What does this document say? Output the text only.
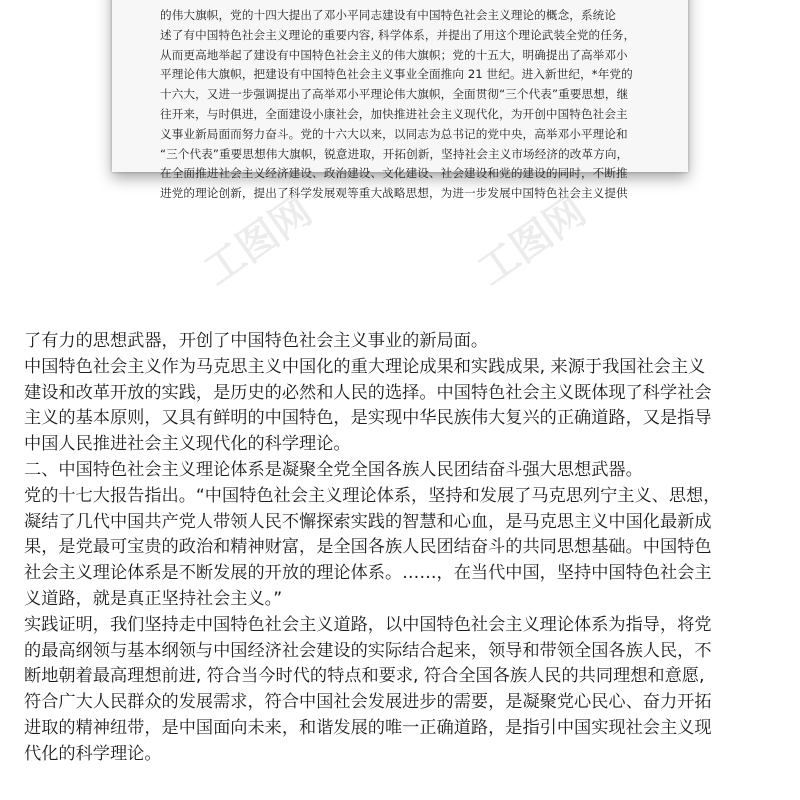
的伟大旗帜，党的十四大提出了邓小平同志建设有中国特色社会主义理论的概念，系统论
述了有中国特色社会主义理论的重要内容, 科学体系，并提出了用这个理论武装全党的任务，
从而更高地举起了建设有中国特色社会主义的伟大旗帜；党的十五大，明确提出了高举邓小
平理论伟大旗帜，把建设有中国特色社会主义事业全面推向 21 世纪。进入新世纪，*年党的
十六大，又进一步强调提出了高举邓小平理论伟大旗帜，全面贯彻“三个代表”重要思想，继
往开来，与时俱进，全面建设小康社会，加快推进社会主义现代化，为开创中国特色社会主
义事业新局面而努力奋斗。党的十六大以来，以同志为总书记的党中央，高举邓小平理论和
“三个代表”重要思想伟大旗帜，锐意进取，开拓创新，坚持社会主义市场经济的改革方向，
在全面推进社会主义经济建设、政治建设、文化建设、社会建设和党的建设的同时，不断推
进党的理论创新，提出了科学发展观等重大战略思想，为进一步发展中国特色社会主义提供
工图网	工图网
了有力的思想武器，开创了中国特色社会主义事业的新局面。
中国特色社会主义作为马克思主义中国化的重大理论成果和实践成果, 来源于我国社会主义
建设和改革开放的实践，是历史的必然和人民的选择。中国特色社会主义既体现了科学社会
主义的基本原则，又具有鲜明的中国特色，是实现中华民族伟大复兴的正确道路，又是指导
中国人民推进社会主义现代化的科学理论。
二、中国特色社会主义理论体系是凝聚全党全国各族人民团结奋斗强大思想武器。
党的十七大报告指出。“中国特色社会主义理论体系，坚持和发展了马克思列宁主义、思想，
凝结了几代中国共产党人带领人民不懈探索实践的智慧和心血，是马克思主义中国化最新成
果，是党最可宝贵的政治和精神财富，是全国各族人民团结奋斗的共同思想基础。中国特色
社会主义理论体系是不断发展的开放的理论体系。……，在当代中国，坚持中国特色社会主
义道路，就是真正坚持社会主义。”
实践证明，我们坚持走中国特色社会主义道路，以中国特色社会主义理论体系为指导，将党
的最高纲领与基本纲领与中国经济社会建设的实际结合起来，领导和带领全国各族人民，不
断地朝着最高理想前进, 符合当今时代的特点和要求, 符合全国各族人民的共同理想和意愿,
符合广大人民群众的发展需求，符合中国社会发展进步的需要，是凝聚党心民心、奋力开拓
进取的精神纽带，是中国面向未来，和谐发展的唯一正确道路，是指引中国实现社会主义现
代化的科学理论。
